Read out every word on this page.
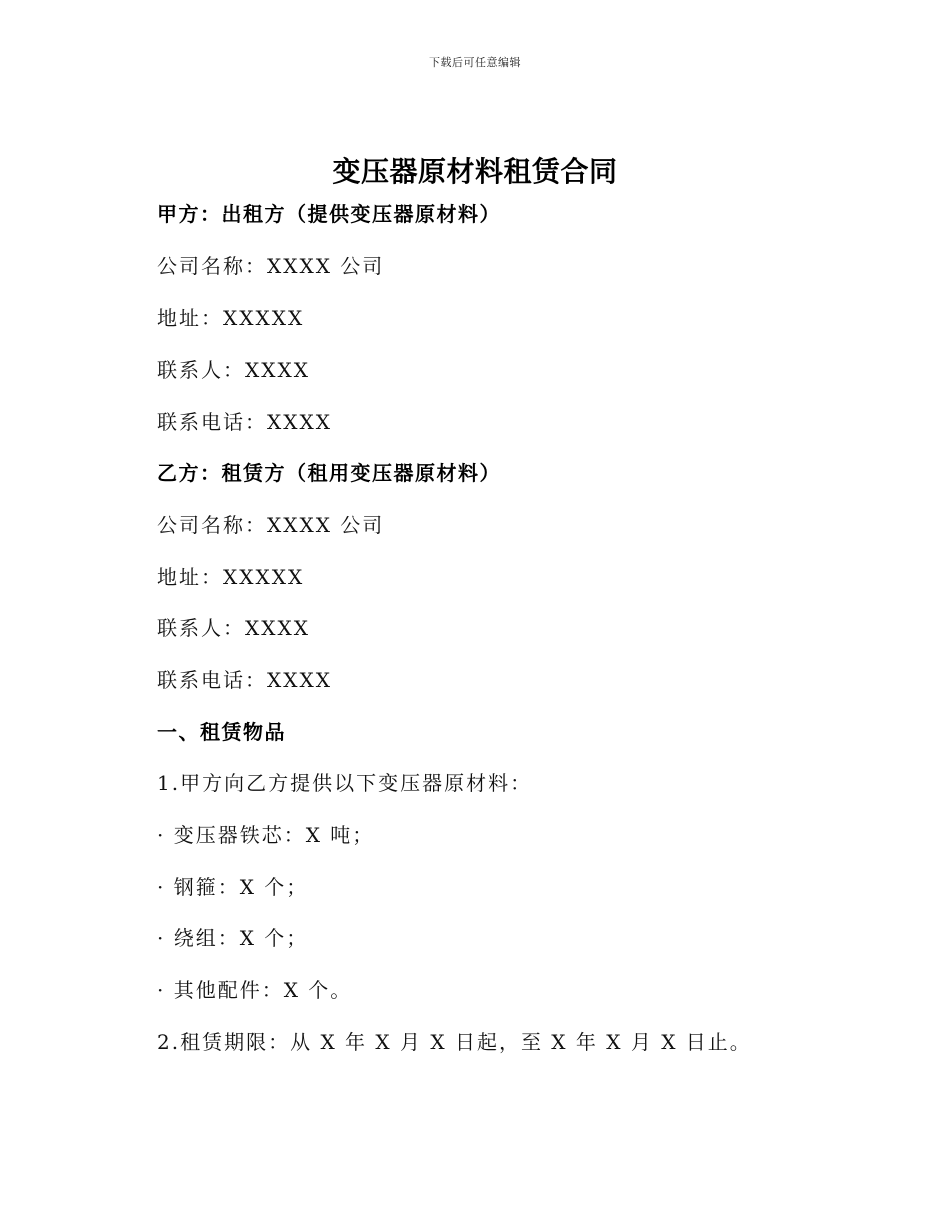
下载后可任意编辑
变压器原材料租赁合同
甲方：出租方（提供变压器原材料）
公司名称：XXXX 公司
地址：XXXXX
联系人：XXXX
联系电话：XXXX
乙方：租赁方（租用变压器原材料）
公司名称：XXXX 公司
地址：XXXXX
联系人：XXXX
联系电话：XXXX
一、租赁物品
1.甲方向乙方提供以下变压器原材料：
· 变压器铁芯：X 吨；
· 钢箍：X 个；
· 绕组：X 个；
· 其他配件：X 个。
2.租赁期限：从 X 年 X 月 X 日起，至 X 年 X 月 X 日止。
